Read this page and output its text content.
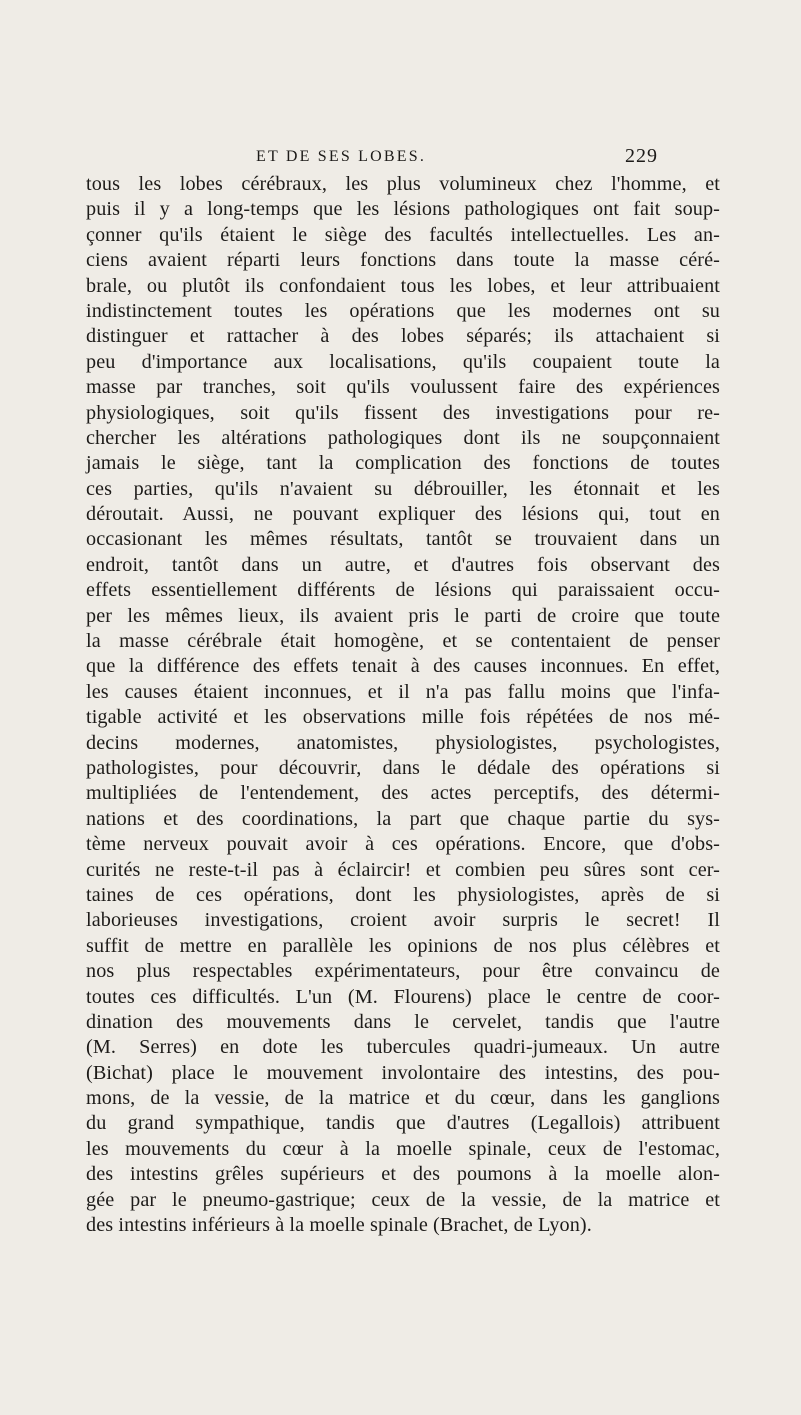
ET DE SES LOBES.	229
tous les lobes cérébraux, les plus volumineux chez l'homme, et
puis il y a long-temps que les lésions pathologiques ont fait soup-
çonner qu'ils étaient le siège des facultés intellectuelles. Les an-
ciens avaient réparti leurs fonctions dans toute la masse céré-
brale, ou plutôt ils confondaient tous les lobes, et leur attribuaient
indistinctement toutes les opérations que les modernes ont su
distinguer et rattacher à des lobes séparés; ils attachaient si
peu d'importance aux localisations, qu'ils coupaient toute la
masse par tranches, soit qu'ils voulussent faire des expériences
physiologiques, soit qu'ils fissent des investigations pour re-
chercher les altérations pathologiques dont ils ne soupçonnaient
jamais le siège, tant la complication des fonctions de toutes
ces parties, qu'ils n'avaient su débrouiller, les étonnait et les
déroutait. Aussi, ne pouvant expliquer des lésions qui, tout en
occasionant les mêmes résultats, tantôt se trouvaient dans un
endroit, tantôt dans un autre, et d'autres fois observant des
effets essentiellement différents de lésions qui paraissaient occu-
per les mêmes lieux, ils avaient pris le parti de croire que toute
la masse cérébrale était homogène, et se contentaient de penser
que la différence des effets tenait à des causes inconnues. En effet,
les causes étaient inconnues, et il n'a pas fallu moins que l'infa-
tigable activité et les observations mille fois répétées de nos mé-
decins modernes, anatomistes, physiologistes, psychologistes,
pathologistes, pour découvrir, dans le dédale des opérations si
multipliées de l'entendement, des actes perceptifs, des détermi-
nations et des coordinations, la part que chaque partie du sys-
tème nerveux pouvait avoir à ces opérations. Encore, que d'obs-
curités ne reste-t-il pas à éclaircir! et combien peu sûres sont cer-
taines de ces opérations, dont les physiologistes, après de si
laborieuses investigations, croient avoir surpris le secret! Il
suffit de mettre en parallèle les opinions de nos plus célèbres et
nos plus respectables expérimentateurs, pour être convaincu de
toutes ces difficultés. L'un (M. Flourens) place le centre de coor-
dination des mouvements dans le cervelet, tandis que l'autre
(M. Serres) en dote les tubercules quadri-jumeaux. Un autre
(Bichat) place le mouvement involontaire des intestins, des pou-
mons, de la vessie, de la matrice et du cœur, dans les ganglions
du grand sympathique, tandis que d'autres (Legallois) attribuent
les mouvements du cœur à la moelle spinale, ceux de l'estomac,
des intestins grêles supérieurs et des poumons à la moelle alon-
gée par le pneumo-gastrique; ceux de la vessie, de la matrice et
des intestins inférieurs à la moelle spinale (Brachet, de Lyon).
